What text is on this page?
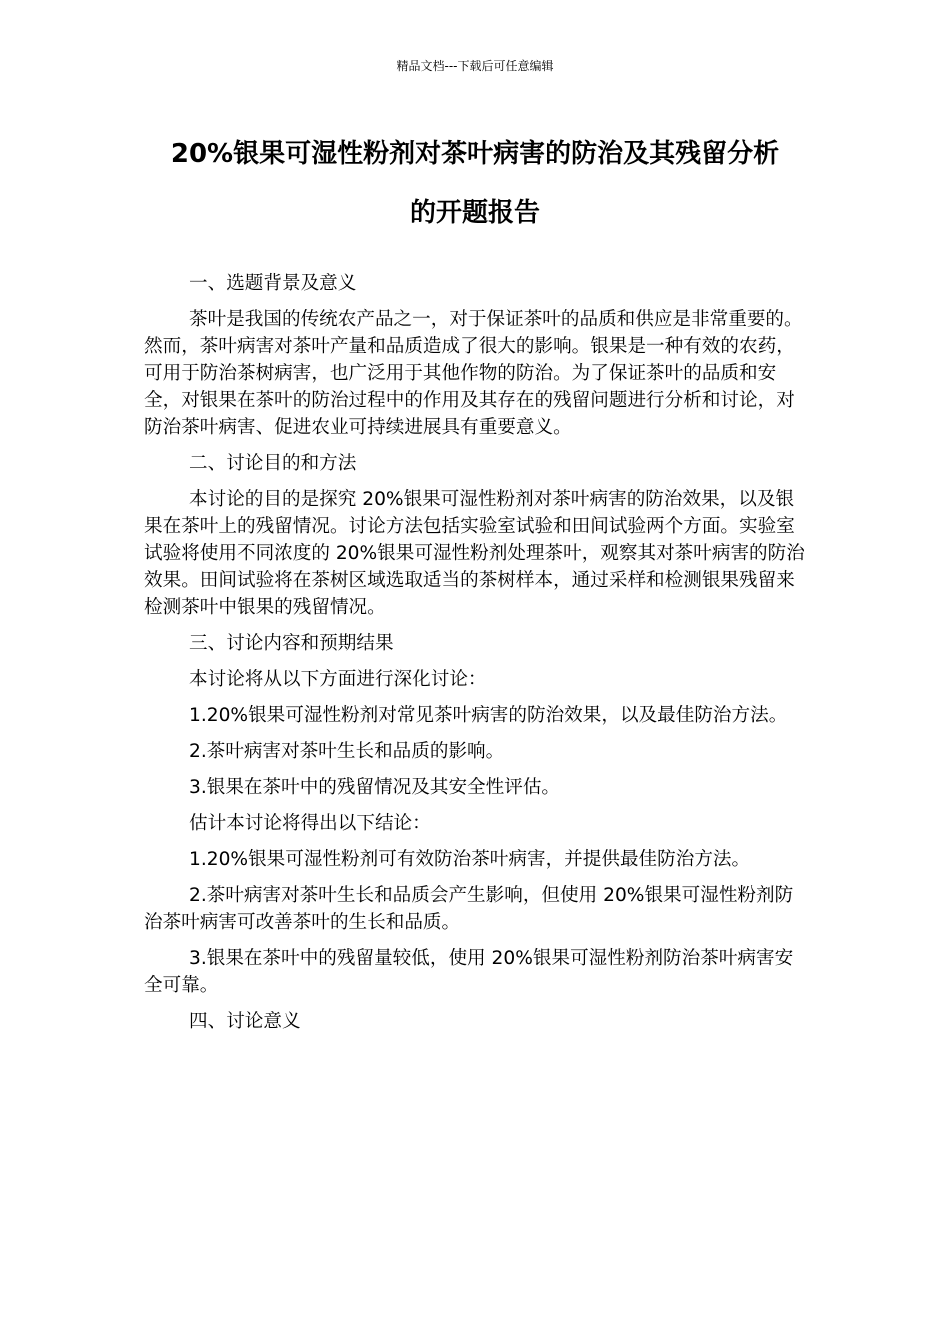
精品文档---下载后可任意编辑
20%银果可湿性粉剂对茶叶病害的防治及其残留分析
的开题报告

一、选题背景及意义

茶叶是我国的传统农产品之一，对于保证茶叶的品质和供应是非常重要的。然而，茶叶病害对茶叶产量和品质造成了很大的影响。银果是一种有效的农药，可用于防治茶树病害，也广泛用于其他作物的防治。为了保证茶叶的品质和安全，对银果在茶叶的防治过程中的作用及其存在的残留问题进行分析和讨论，对防治茶叶病害、促进农业可持续进展具有重要意义。

二、讨论目的和方法

本讨论的目的是探究 20%银果可湿性粉剂对茶叶病害的防治效果，以及银果在茶叶上的残留情况。讨论方法包括实验室试验和田间试验两个方面。实验室试验将使用不同浓度的 20%银果可湿性粉剂处理茶叶，观察其对茶叶病害的防治效果。田间试验将在茶树区域选取适当的茶树样本，通过采样和检测银果残留来检测茶叶中银果的残留情况。

三、讨论内容和预期结果

本讨论将从以下方面进行深化讨论：

1.20%银果可湿性粉剂对常见茶叶病害的防治效果，以及最佳防治方法。

2.茶叶病害对茶叶生长和品质的影响。

3.银果在茶叶中的残留情况及其安全性评估。

估计本讨论将得出以下结论：

1.20%银果可湿性粉剂可有效防治茶叶病害，并提供最佳防治方法。

2.茶叶病害对茶叶生长和品质会产生影响，但使用 20%银果可湿性粉剂防治茶叶病害可改善茶叶的生长和品质。

3.银果在茶叶中的残留量较低，使用 20%银果可湿性粉剂防治茶叶病害安全可靠。

四、讨论意义
